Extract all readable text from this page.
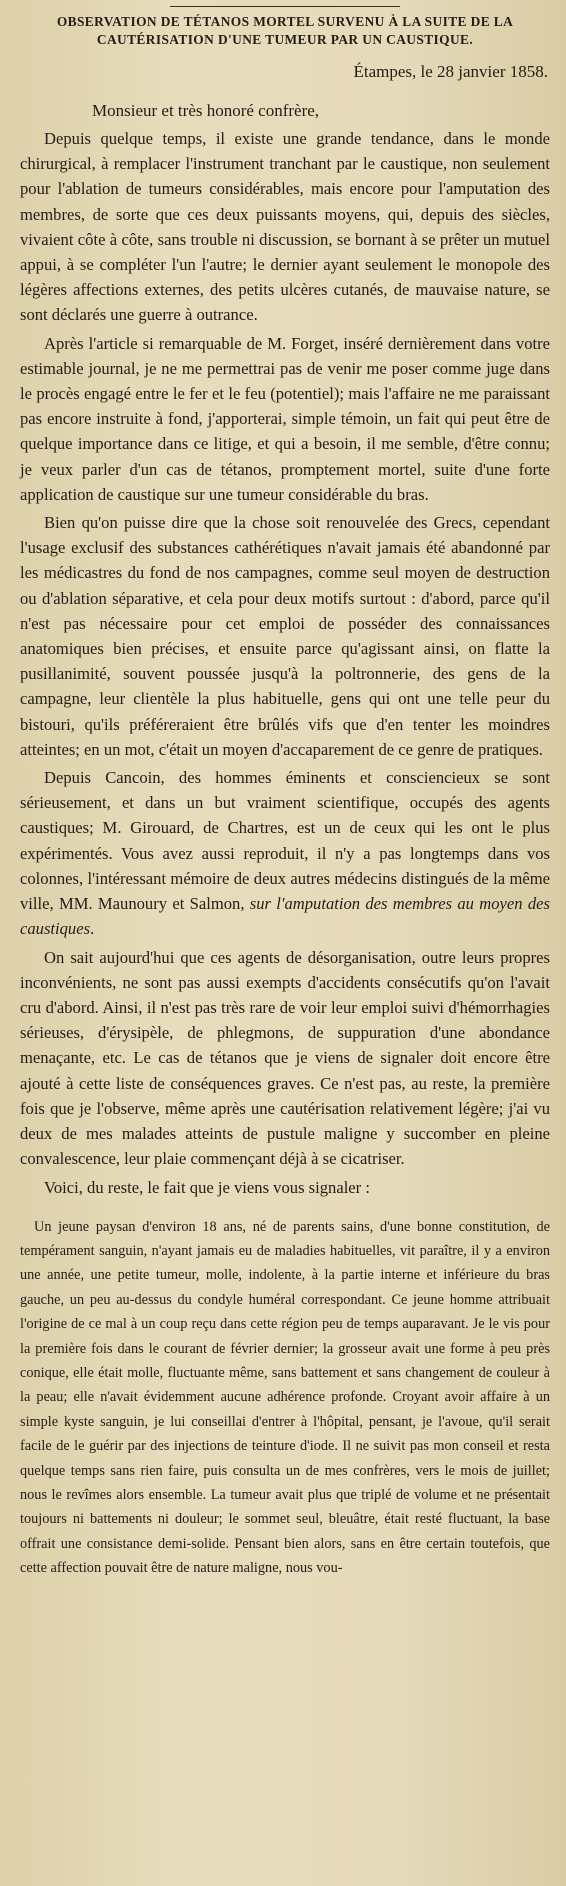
OBSERVATION DE TÉTANOS MORTEL SURVENU À LA SUITE DE LA CAUTÉRISATION D'UNE TUMEUR PAR UN CAUSTIQUE.
Étampes, le 28 janvier 1858.

Monsieur et très honoré confrère,

Depuis quelque temps, il existe une grande tendance, dans le monde chirurgical, à remplacer l'instrument tranchant par le caustique, non seulement pour l'ablation de tumeurs considérables, mais encore pour l'amputation des membres, de sorte que ces deux puissants moyens, qui, depuis des siècles, vivaient côte à côte, sans trouble ni discussion, se bornant à se prêter un mutuel appui, à se compléter l'un l'autre; le dernier ayant seulement le monopole des légères affections externes, des petits ulcères cutanés, de mauvaise nature, se sont déclarés une guerre à outrance.

Après l'article si remarquable de M. Forget, inséré dernièrement dans votre estimable journal, je ne me permettrai pas de venir me poser comme juge dans le procès engagé entre le fer et le feu (potentiel); mais l'affaire ne me paraissant pas encore instruite à fond, j'apporterai, simple témoin, un fait qui peut être de quelque importance dans ce litige, et qui a besoin, il me semble, d'être connu; je veux parler d'un cas de tétanos, promptement mortel, suite d'une forte application de caustique sur une tumeur considérable du bras.

Bien qu'on puisse dire que la chose soit renouvelée des Grecs, cependant l'usage exclusif des substances cathérétiques n'avait jamais été abandonné par les médicastres du fond de nos campagnes, comme seul moyen de destruction ou d'ablation séparative, et cela pour deux motifs surtout : d'abord, parce qu'il n'est pas nécessaire pour cet emploi de posséder des connaissances anatomiques bien précises, et ensuite parce qu'agissant ainsi, on flatte la pusillanimité, souvent poussée jusqu'à la poltronnerie, des gens de la campagne, leur clientèle la plus habituelle, gens qui ont une telle peur du bistouri, qu'ils préféreraient être brûlés vifs que d'en tenter les moindres atteintes; en un mot, c'était un moyen d'accaparement de ce genre de pratiques.

Depuis Cancoin, des hommes éminents et consciencieux se sont sérieusement, et dans un but vraiment scientifique, occupés des agents caustiques; M. Girouard, de Chartres, est un de ceux qui les ont le plus expérimentés. Vous avez aussi reproduit, il n'y a pas longtemps dans vos colonnes, l'intéressant mémoire de deux autres médecins distingués de la même ville, MM. Maunoury et Salmon, sur l'amputation des membres au moyen des caustiques.

On sait aujourd'hui que ces agents de désorganisation, outre leurs propres inconvénients, ne sont pas aussi exempts d'accidents consécutifs qu'on l'avait cru d'abord. Ainsi, il n'est pas très rare de voir leur emploi suivi d'hémorrhagies sérieuses, d'érysipèle, de phlegmons, de suppuration d'une abondance menaçante, etc. Le cas de tétanos que je viens de signaler doit encore être ajouté à cette liste de conséquences graves. Ce n'est pas, au reste, la première fois que je l'observe, même après une cautérisation relativement légère; j'ai vu deux de mes malades atteints de pustule maligne y succomber en pleine convalescence, leur plaie commençant déjà à se cicatriser.

Voici, du reste, le fait que je viens vous signaler :

Un jeune paysan d'environ 18 ans, né de parents sains, d'une bonne constitution, de tempérament sanguin, n'ayant jamais eu de maladies habituelles, vit paraître, il y a environ une année, une petite tumeur, molle, indolente, à la partie interne et inférieure du bras gauche, un peu au-dessus du condyle huméral correspondant. Ce jeune homme attribuait l'origine de ce mal à un coup reçu dans cette région peu de temps auparavant. Je le vis pour la première fois dans le courant de février dernier; la grosseur avait une forme à peu près conique, elle était molle, fluctuante même, sans battement et sans changement de couleur à la peau; elle n'avait évidemment aucune adhérence profonde. Croyant avoir affaire à un simple kyste sanguin, je lui conseillai d'entrer à l'hôpital, pensant, je l'avoue, qu'il serait facile de le guérir par des injections de teinture d'iode. Il ne suivit pas mon conseil et resta quelque temps sans rien faire, puis consulta un de mes confrères, vers le mois de juillet; nous le revîmes alors ensemble. La tumeur avait plus que triplé de volume et ne présentait toujours ni battements ni douleur; le sommet seul, bleuâtre, était resté fluctuant, la base offrait une consistance demi-solide. Pensant bien alors, sans en être certain toutefois, que cette affection pouvait être de nature maligne, nous vou-
